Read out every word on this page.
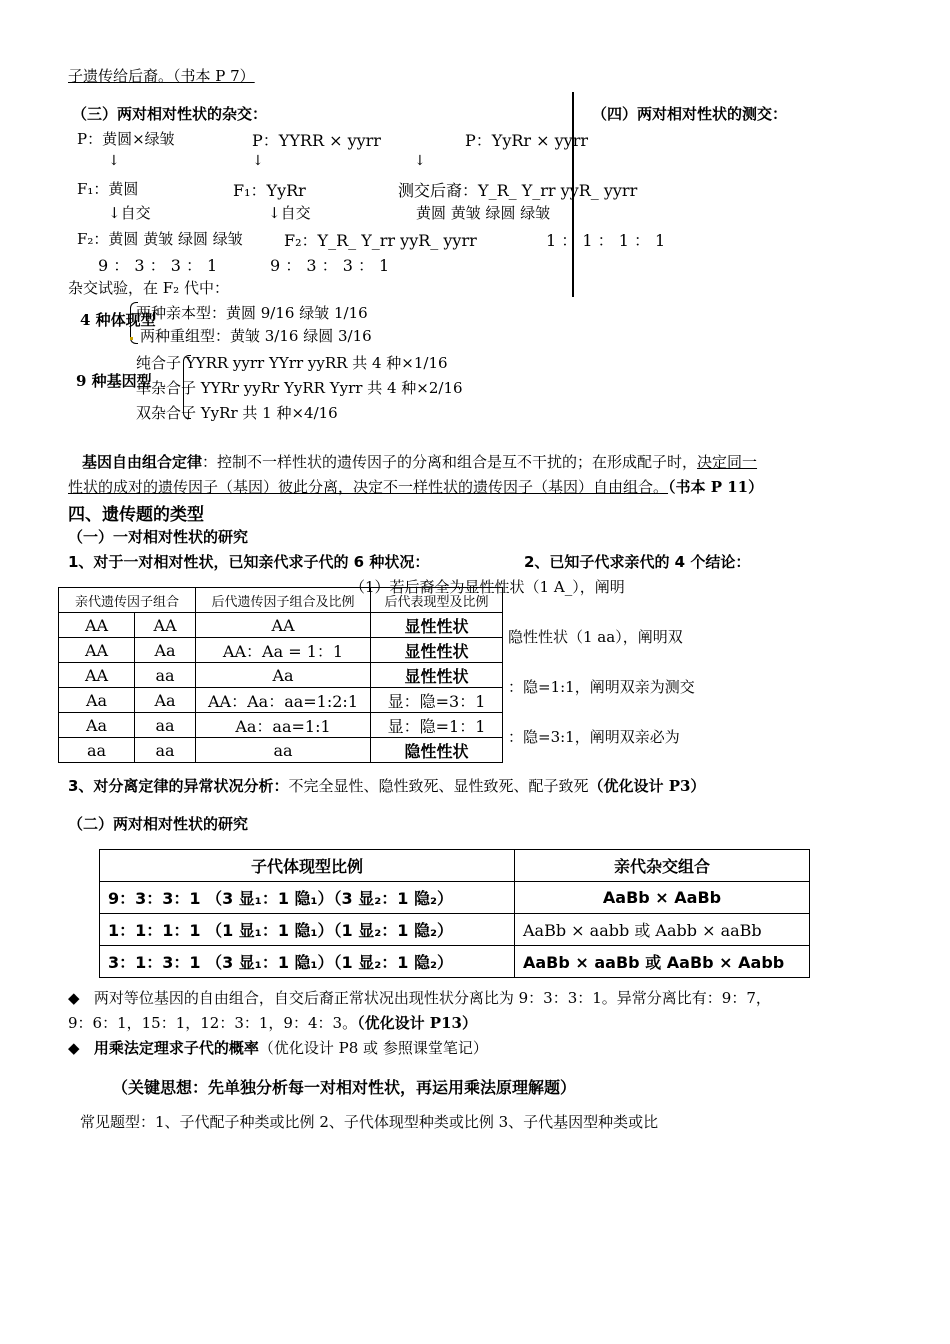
子遗传给后裔。（书本 P 7）
（三）两对相对性状的杂交：	（四）两对相对性状的测交：
P：黄圆×绿皱	P：YYRR × yyrr	P：YyRr × yyrr
↓	↓	↓
F₁：黄圆	F₁：YyRr	测交后裔：Y_R_ Y_rr yyR_ yyrr
↓自交	↓自交	黄圆 黄皱 绿圆 绿皱
F₂：黄圆 黄皱 绿圆 绿皱	F₂：Y_R_ Y_rr yyR_ yyrr	1 ： 1 ： 1 ： 1
9 ： 3 ： 3 ： 1	9 ： 3 ： 3 ： 1
杂交试验，在 F₂ 代中：
4 种体现型
两种亲本型：黄圆 9/16 绿皱 1/16
两种重组型：黄皱 3/16 绿圆 3/16
9 种基因型
纯合子 YYRR yyrr YYrr yyRR 共 4 种×1/16
单杂合子 YYRr yyRr YyRR Yyrr 共 4 种×2/16
双杂合子 YyRr 共 1 种×4/16
基因自由组合定律：控制不一样性状的遗传因子的分离和组合是互不干扰的；在形成配子时，决定同一
性状的成对的遗传因子（基因）彼此分离，决定不一样性状的遗传因子（基因）自由组合。（书本 P 11）
四、遗传题的类型
（一）一对相对性状的研究
1、对于一对相对性状，已知亲代求子代的 6 种状况：	2、已知子代求亲代的 4 个结论：
（1）若后裔全为显性性状（1 A_），阐明
隐性性状（1 aa），阐明双
：隐=1:1，阐明双亲为测交
：隐=3:1，阐明双亲必为
亲代遗传因子组合		后代遗传因子组合及比例	后代表现型及比例
AA	AA	AA	显性性状
AA	Aa	AA：Aa = 1：1	显性性状
AA	aa	Aa	显性性状
Aa	Aa	AA：Aa：aa=1:2:1	显：隐=3：1
Aa	aa	Aa：aa=1:1	显：隐=1：1
aa	aa	aa	隐性性状
3、对分离定律的异常状况分析：不完全显性、隐性致死、显性致死、配子致死（优化设计 P3）
（二）两对相对性状的研究
子代体现型比例	亲代杂交组合
9：3：3：1 （3 显₁：1 隐₁）（3 显₂：1 隐₂）	AaBb × AaBb
1：1：1：1 （1 显₁：1 隐₁）（1 显₂：1 隐₂）	AaBb × aabb 或 Aabb × aaBb
3：1：3：1 （3 显₁：1 隐₁）（1 显₂：1 隐₂）	AaBb × aaBb 或 AaBb × Aabb
◆ 两对等位基因的自由组合，自交后裔正常状况出现性状分离比为 9：3：3：1。异常分离比有：9：7，
9：6：1，15：1，12：3：1，9：4：3。（优化设计 P13）
◆ 用乘法定理求子代的概率（优化设计 P8 或 参照课堂笔记）
（关键思想：先单独分析每一对相对性状，再运用乘法原理解题）
常见题型：1、子代配子种类或比例 2、子代体现型种类或比例 3、子代基因型种类或比
